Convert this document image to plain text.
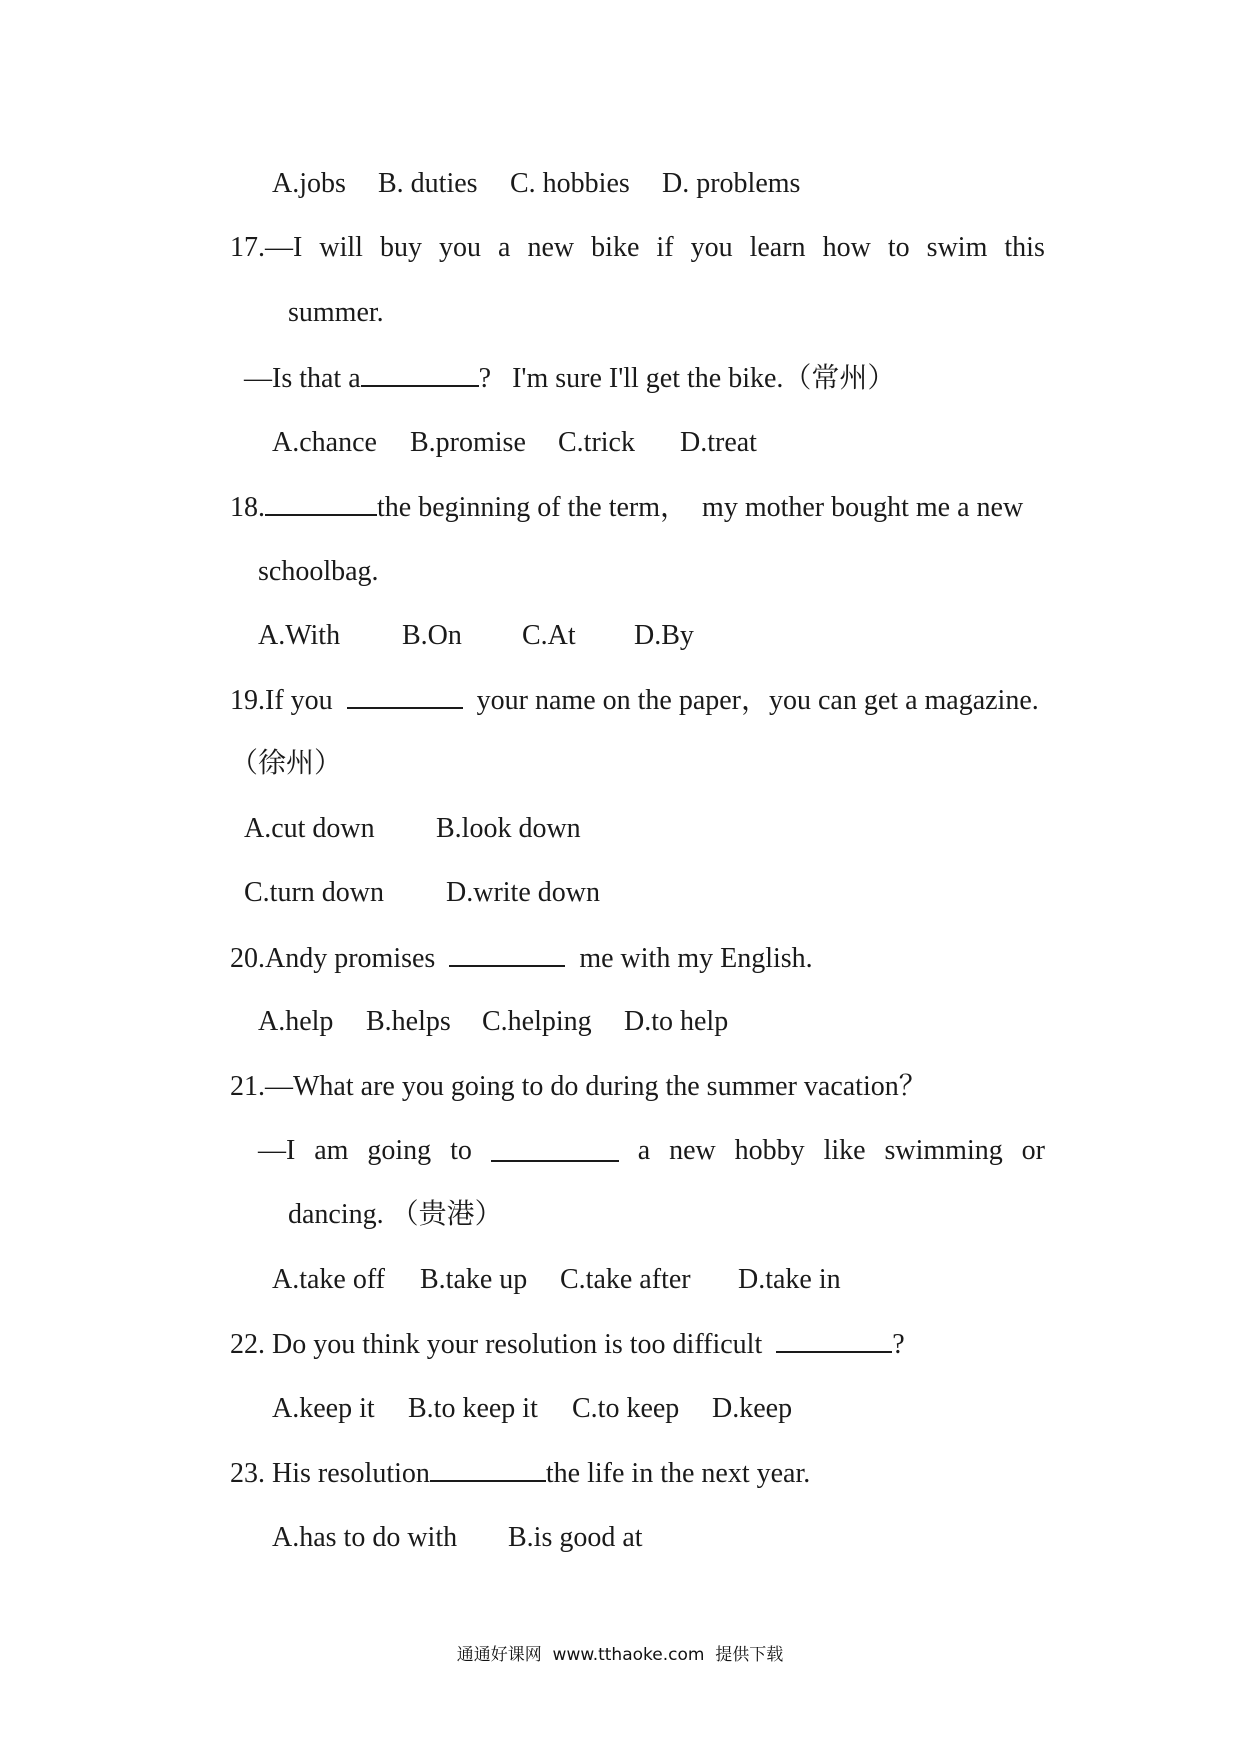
A.jobs B. duties C. hobbies D. problems
17.—I will buy you a new bike if you learn how to swim this
summer.
—Is that a	?   I'm sure I'll get the bike.（常州）
A.chance B.promise C.trick D.treat
18.	the beginning of the term，  my mother bought me a new
schoolbag.
A.With B.On C.At D.By
19.If you	your name on the paper，you can get a magazine.
（徐州）
A.cut down B.look down
C.turn down D.write down
20.Andy promises	me with my English.
A.help B.helps C.helping D.to help
21.—What are you going to do during the summer vacation？
—I am going to	a new hobby like swimming or
dancing. （贵港）
A.take off B.take up C.take after D.take in
22. Do you think your resolution is too difficult	?
A.keep it B.to keep it C.to keep D.keep
23. His resolution	the life in the next year.
A.has to do with B.is good at
通通好课网  www.tthaoke.com  提供下载
